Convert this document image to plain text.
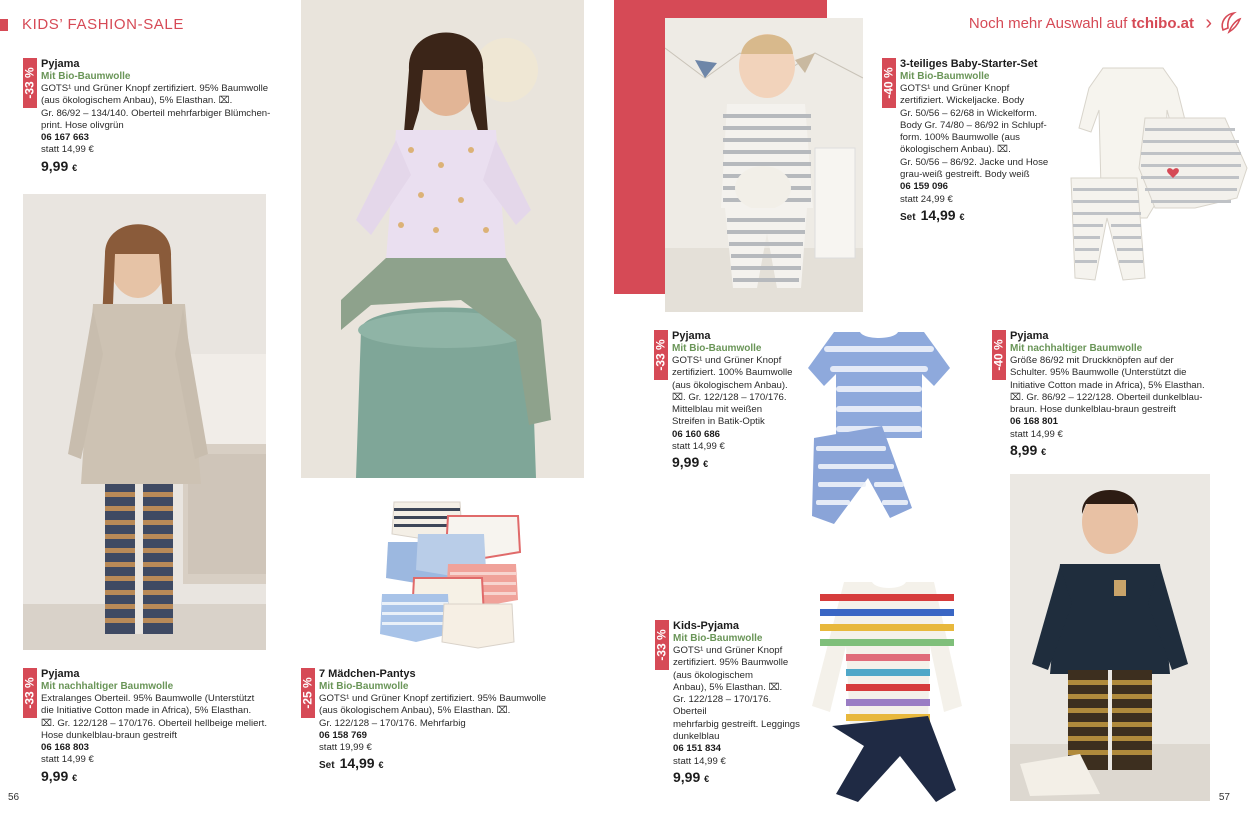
KIDS’ FASHION-SALE	Noch mehr Auswahl auf tchibo.at ›
-33 %
Pyjama
Mit Bio-Baumwolle
GOTS¹ und Grüner Knopf zertifiziert. 95% Baumwolle
(aus ökologischem Anbau), 5% Elasthan. ⌧.
Gr. 86/92 – 134/140. Oberteil mehrfarbiger Blümchen-
print. Hose olivgrün
06 167 663
statt 14,99 €
9,99 €
-33 %
Pyjama
Mit nachhaltiger Baumwolle
Extralanges Oberteil. 95% Baumwolle (Unterstützt
die Initiative Cotton made in Africa), 5% Elasthan.
⌧. Gr. 122/128 – 170/176. Oberteil hellbeige meliert.
Hose dunkelblau-braun gestreift
06 168 803
statt 14,99 €
9,99 €
-25 %
7 Mädchen-Pantys
Mit Bio-Baumwolle
GOTS¹ und Grüner Knopf zertifiziert. 95% Baumwolle
(aus ökologischem Anbau), 5% Elasthan. ⌧.
Gr. 122/128 – 170/176. Mehrfarbig
06 158 769
statt 19,99 €
Set 14,99 €
-40 %
3-teiliges Baby-Starter-Set
Mit Bio-Baumwolle
GOTS¹ und Grüner Knopf
zertifiziert. Wickeljacke. Body
Gr. 50/56 – 62/68 in Wickelform.
Body Gr. 74/80 – 86/92 in Schlupf-
form. 100% Baumwolle (aus
ökologischem Anbau). ⌧.
Gr. 50/56 – 86/92. Jacke und Hose
grau-weiß gestreift. Body weiß
06 159 096
statt 24,99 €
Set 14,99 €
-33 %
Pyjama
Mit Bio-Baumwolle
GOTS¹ und Grüner Knopf
zertifiziert. 100% Baumwolle
(aus ökologischem Anbau).
⌧. Gr. 122/128 – 170/176.
Mittelblau mit weißen
Streifen in Batik-Optik
06 160 686
statt 14,99 €
9,99 €
-40 %
Pyjama
Mit nachhaltiger Baumwolle
Größe 86/92 mit Druckknöpfen auf der
Schulter. 95% Baumwolle (Unterstützt die
Initiative Cotton made in Africa), 5% Elasthan.
⌧. Gr. 86/92 – 122/128. Oberteil dunkelblau-
braun. Hose dunkelblau-braun gestreift
06 168 801
statt 14,99 €
8,99 €
-33 %
Kids-Pyjama
Mit Bio-Baumwolle
GOTS¹ und Grüner Knopf
zertifiziert. 95% Baumwolle
(aus ökologischem
Anbau), 5% Elasthan. ⌧.
Gr. 122/128 – 170/176. Oberteil
mehrfarbig gestreift. Leggings
dunkelblau
06 151 834
statt 14,99 €
9,99 €
56	57
